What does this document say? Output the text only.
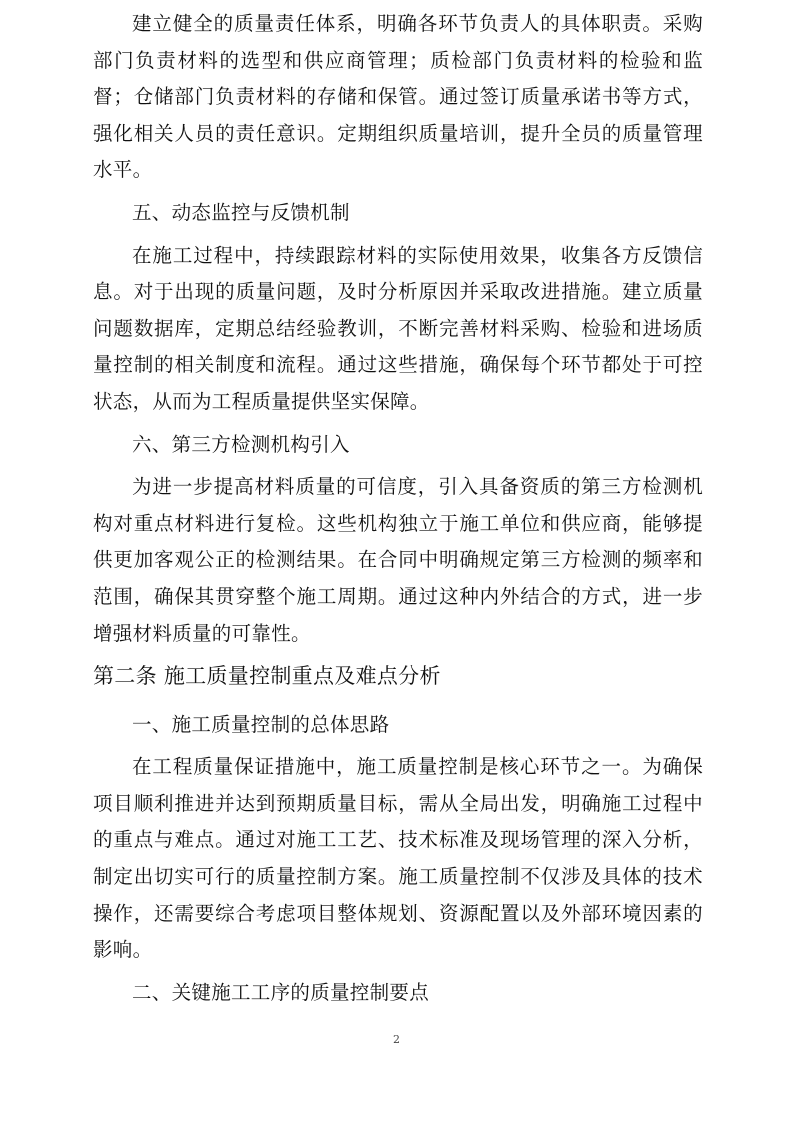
建立健全的质量责任体系，明确各环节负责人的具体职责。采购部门负责材料的选型和供应商管理；质检部门负责材料的检验和监督；仓储部门负责材料的存储和保管。通过签订质量承诺书等方式，强化相关人员的责任意识。定期组织质量培训，提升全员的质量管理水平。

五、动态监控与反馈机制

在施工过程中，持续跟踪材料的实际使用效果，收集各方反馈信息。对于出现的质量问题，及时分析原因并采取改进措施。建立质量问题数据库，定期总结经验教训，不断完善材料采购、检验和进场质量控制的相关制度和流程。通过这些措施，确保每个环节都处于可控状态，从而为工程质量提供坚实保障。

六、第三方检测机构引入

为进一步提高材料质量的可信度，引入具备资质的第三方检测机构对重点材料进行复检。这些机构独立于施工单位和供应商，能够提供更加客观公正的检测结果。在合同中明确规定第三方检测的频率和范围，确保其贯穿整个施工周期。通过这种内外结合的方式，进一步增强材料质量的可靠性。

第二条 施工质量控制重点及难点分析

一、施工质量控制的总体思路

在工程质量保证措施中，施工质量控制是核心环节之一。为确保项目顺利推进并达到预期质量目标，需从全局出发，明确施工过程中的重点与难点。通过对施工工艺、技术标准及现场管理的深入分析，制定出切实可行的质量控制方案。施工质量控制不仅涉及具体的技术操作，还需要综合考虑项目整体规划、资源配置以及外部环境因素的影响。

二、关键施工工序的质量控制要点

2
